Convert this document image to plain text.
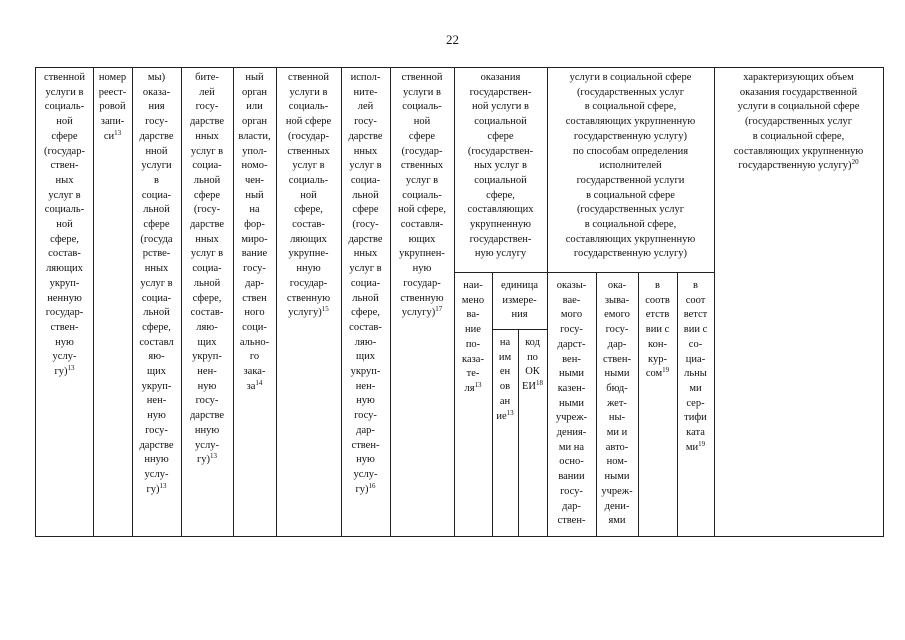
22
ственной
услуги в
социаль-
ной
сфере
(государ-
ствен-
ных
услуг в
социаль-
ной
сфере,
состав-
ляющих
укруп-
ненную
государ-
ствен-
ную
услу-
гу)$^{13}$
номер
реест-
ровой
запи-
$си^{13}$
мы)
оказа-
ния
госу-
дарстве
нной
услуги
в
социа-
льной
сфере
(госуда
рстве-
нных
услуг в
социа-
льной
сфере,
составл
яю-
щих
укруп-
нен-
ную
госу-
дарстве
нную
услу-
гу)$^{13}$
бите-
лей
госу-
дарстве
нных
услуг в
социа-
льной
сфере
(госу-
дарстве
нных
услуг в
социа-
льной
сфере,
состав-
ляю-
щих
укруп-
нен-
ную
госу-
дарстве
нную
услу-
гу)$^{13}$
ный
орган
или
орган
власти,
упол-
номо-
чен-
ный
на
фор-
миро-
вание
госу-
дар-
ствен
ного
соци-
ально-
го
зака-
$за^{14}$
ственной
услуги в
социаль-
ной сфере
(государ-
ственных
услуг в
социаль-
ной
сфере,
состав-
ляющих
укрупне-
нную
государ-
ственную
услугу)$^{15}$
испол-
ните-
лей
госу-
дарстве
нных
услуг в
социа-
льной
сфере
(госу-
дарстве
нных
услуг в
социа-
льной
сфере,
состав-
ляю-
щих
укруп-
нен-
ную
госу-
дар-
ствен-
ную
услу-
гу)$^{16}$
ственной
услуги в
социаль-
ной
сфере
(государ-
ственных
услуг в
социаль-
ной сфере,
составля-
ющих
укрупнен-
ную
государ-
ственную
услугу)$^{17}$
оказания
государствен-
ной услуги в
социальной
сфере
(государствен-
ных услуг в
социальной
сфере,
составляющих
укрупненную
государствен-
ную услугу
наи-
мено
ва-
ние
по-
каза-
те-
$ля^{13}$
единица
измере-
ния
на
им
ен
ов
ан
$ие^{13}$
код
по
ОК
ЕИ$^{18}$
услуги в социальной сфере
(государственных услуг
в социальной сфере,
составляющих укрупненную
государственную услугу)
по способам определения
исполнителей
государственной услуги
в социальной сфере
(государственных услуг
в социальной сфере,
составляющих укрупненную
государственную услугу)
оказы-
вае-
мого
госу-
дарст-
вен-
ными
казен-
ными
учреж-
дения-
ми на
осно-
вании
госу-
дар-
ствен-
ока-
зыва-
емого
госу-
дар-
ствен-
ными
бюд-
жет-
ны-
ми и
авто-
ном-
ными
учреж-
дени-
ями
в
соотв
етств
вии с
кон-
кур-
сом$^{19}$
в
соот
ветст
вии с
со-
циа-
льны
ми
сер-
тифи
ката
$ми^{19}$
характеризующих объем
оказания государственной
услуги в социальной сфере
(государственных услуг
в социальной сфере,
составляющих укрупненную
государственную услугу)$^{20}$
